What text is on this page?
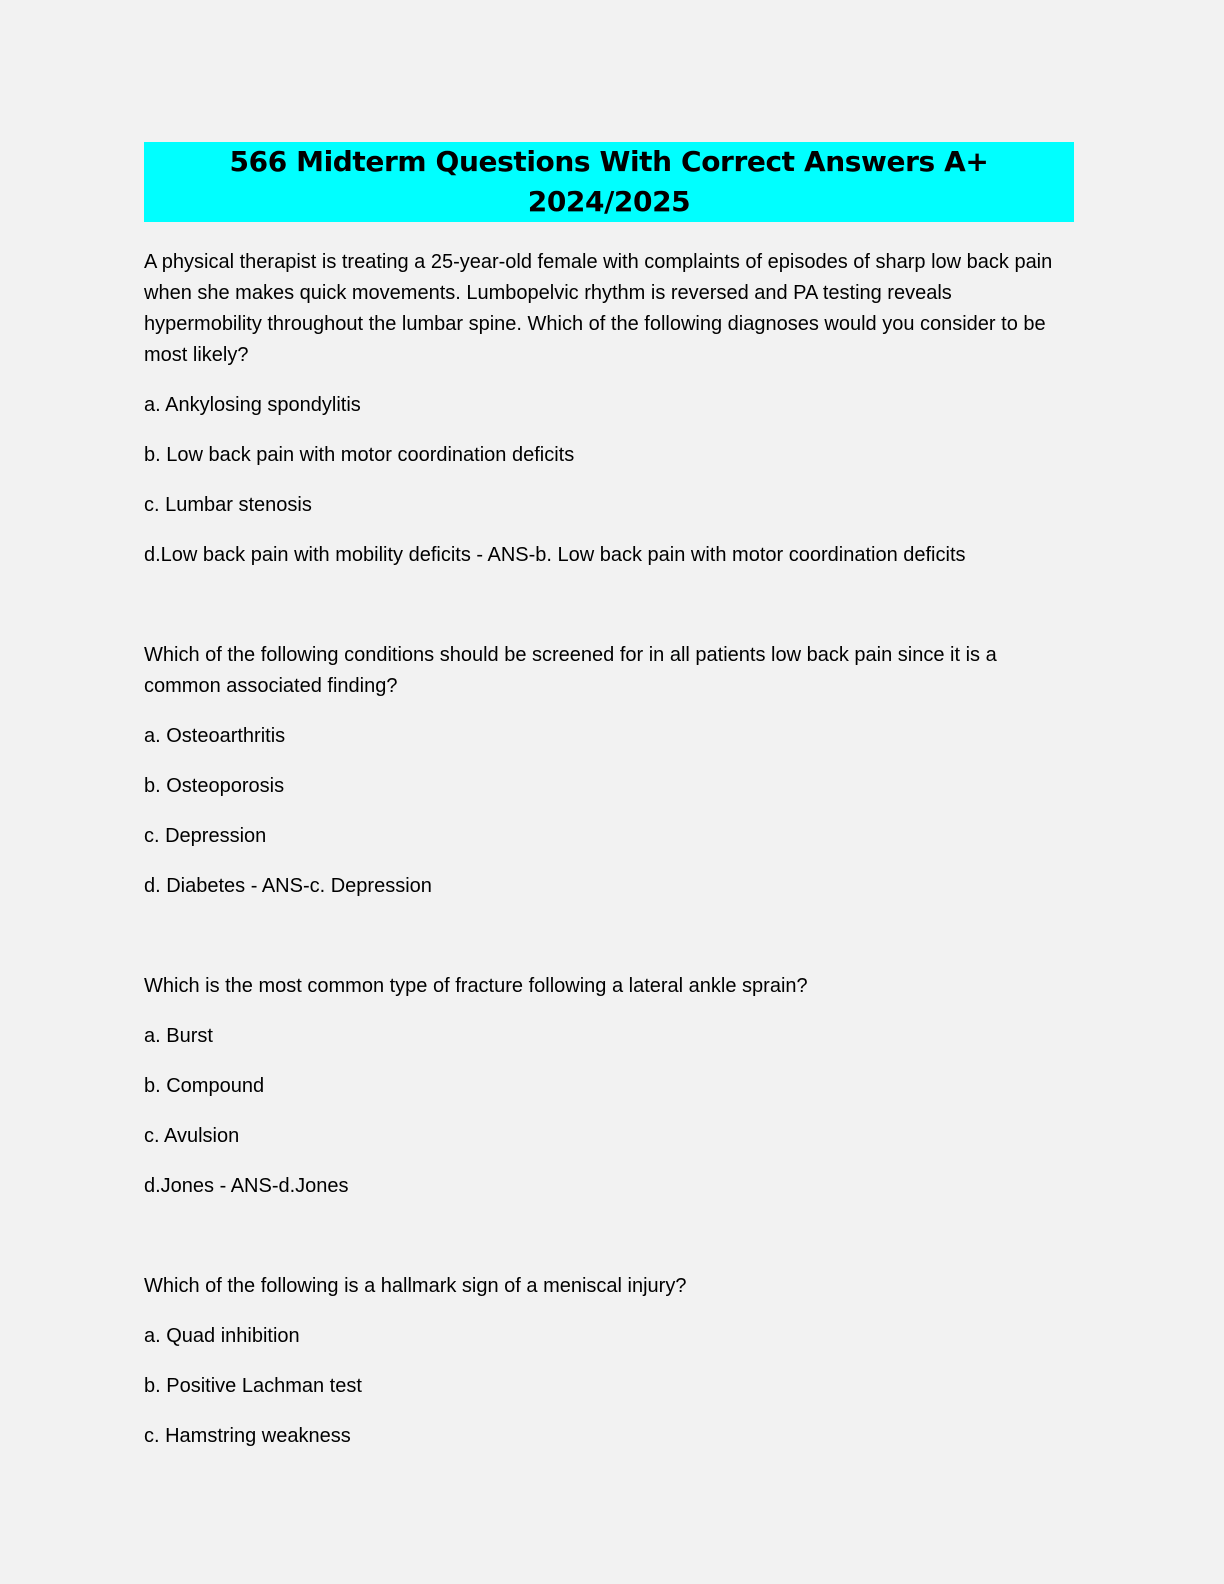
566 Midterm Questions With Correct Answers A+ 2024/2025

A physical therapist is treating a 25-year-old female with complaints of episodes of sharp low back pain when she makes quick movements. Lumbopelvic rhythm is reversed and PA testing reveals hypermobility throughout the lumbar spine. Which of the following diagnoses would you consider to be most likely?

a. Ankylosing spondylitis

b. Low back pain with motor coordination deficits

c. Lumbar stenosis

d.Low back pain with mobility deficits - ANS-b. Low back pain with motor coordination deficits

Which of the following conditions should be screened for in all patients low back pain since it is a common associated finding?

a. Osteoarthritis

b. Osteoporosis

c. Depression

d. Diabetes - ANS-c. Depression

Which is the most common type of fracture following a lateral ankle sprain?

a. Burst

b. Compound

c. Avulsion

d.Jones - ANS-d.Jones

Which of the following is a hallmark sign of a meniscal injury?

a. Quad inhibition

b. Positive Lachman test

c. Hamstring weakness
